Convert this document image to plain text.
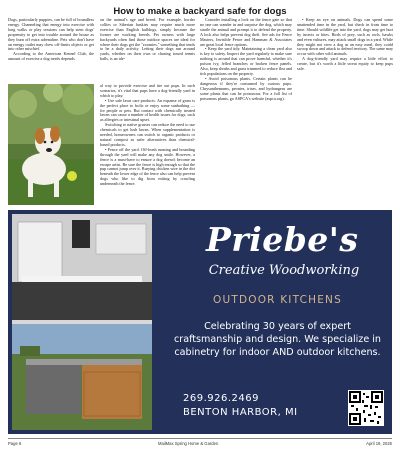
How to make a backyard safe for dogs

Dogs, particularly puppies, can be full of boundless energy. Channeling that energy into exercise with long walks or play sessions can help stem dogs' propensity to get into trouble around the house as they burn off extra adrenaline. Pets who don't have an energy outlet may chew off-limits objects or get into other mischief.

According to the American Kennel Club, the amount of exercise a dog needs depends

on the animal's age and breed. For example, border collies or Siberian huskies may require much more exercise than English bulldogs, simply because the former are working breeds. Pet owners with large backyards often find those outdoor spaces are ideal for where their dogs get the "zoomies," something that tends to be a daily activity. Letting their dogs run around yards, whether on their own or chasing tossed tennis balls, is an ide-

al way to provide exercise and tire out pups. In such scenarios, it's vital that pups have a dog-friendly yard in which to play.

• Use safe lawn care products. An expanse of grass is the perfect place to frolic or enjoy some sunbathing — for people or pets. But contact with chemically treated lawns can cause a number of health issues for dogs, such as allergies or intestinal upset.

Switching to native grasses can reduce the need to use chemicals to get lush lawns. When supplementation is needed, homeowners can switch to organic products or natural compost as safer alternatives than chemical-based products.

• Fence off the yard. Off-leash running and bounding through the yard will make any dog smile. However, a fence is a must-have to ensure a dog doesn't become an escape artist. Be sure the fence is high enough so that the pup cannot jump over it. Burying chicken wire in the dirt beneath the lower edge of the fence also can help prevent dogs who like to dig from exiting by crawling underneath the fence.

Consider installing a lock on the fence gate so that no one can wander in and surprise the dog, which may startle the animal and prompt it to defend the property. A lock also helps prevent dog theft. See ads for Fence Masters, Invisible Fence and Hamman & Associates are great local fence options.

• Keep the yard tidy. Maintaining a clean yard also is key to safety. Inspect the yard regularly to make sure nothing is around that can prove harmful, whether it's poison ivy, felled branches or broken fence panels. Also, keep shrubs and grass trimmed to reduce flea and tick populations on the property.

• Avoid poisonous plants. Certain plants can be dangerous if they're consumed by curious pups. Chrysanthemums, peonies, irises, and hydrangeas are some plants that can be poisonous. For a full list of poisonous plants, go ASPCA's website (aspca.org).

• Keep an eye on animals. Dogs can spend some unattended time in the yard, but check in from time to time. Should wildlife get into the yard, dogs may get hurt by insects or bites. Birds of prey, such as owls, hawks and even vultures, may attack small dogs in a yard. While they might not view a dog as an easy meal, they could swoop down and attack to defend territory. The same may occur with other wild animals.

A dog-friendly yard may require a little effort to create, but it's worth a little sweat equity to keep pups safe.

Priebe's
Creative Woodworking
OUTDOOR KITCHENS
Celebrating 30 years of expert craftsmanship and design. We specialize in cabinetry for indoor AND outdoor kitchens.
269.926.2469
BENTON HARBOR, MI
Page 6	MailMax Spring Home & Garden	April 19, 2025
